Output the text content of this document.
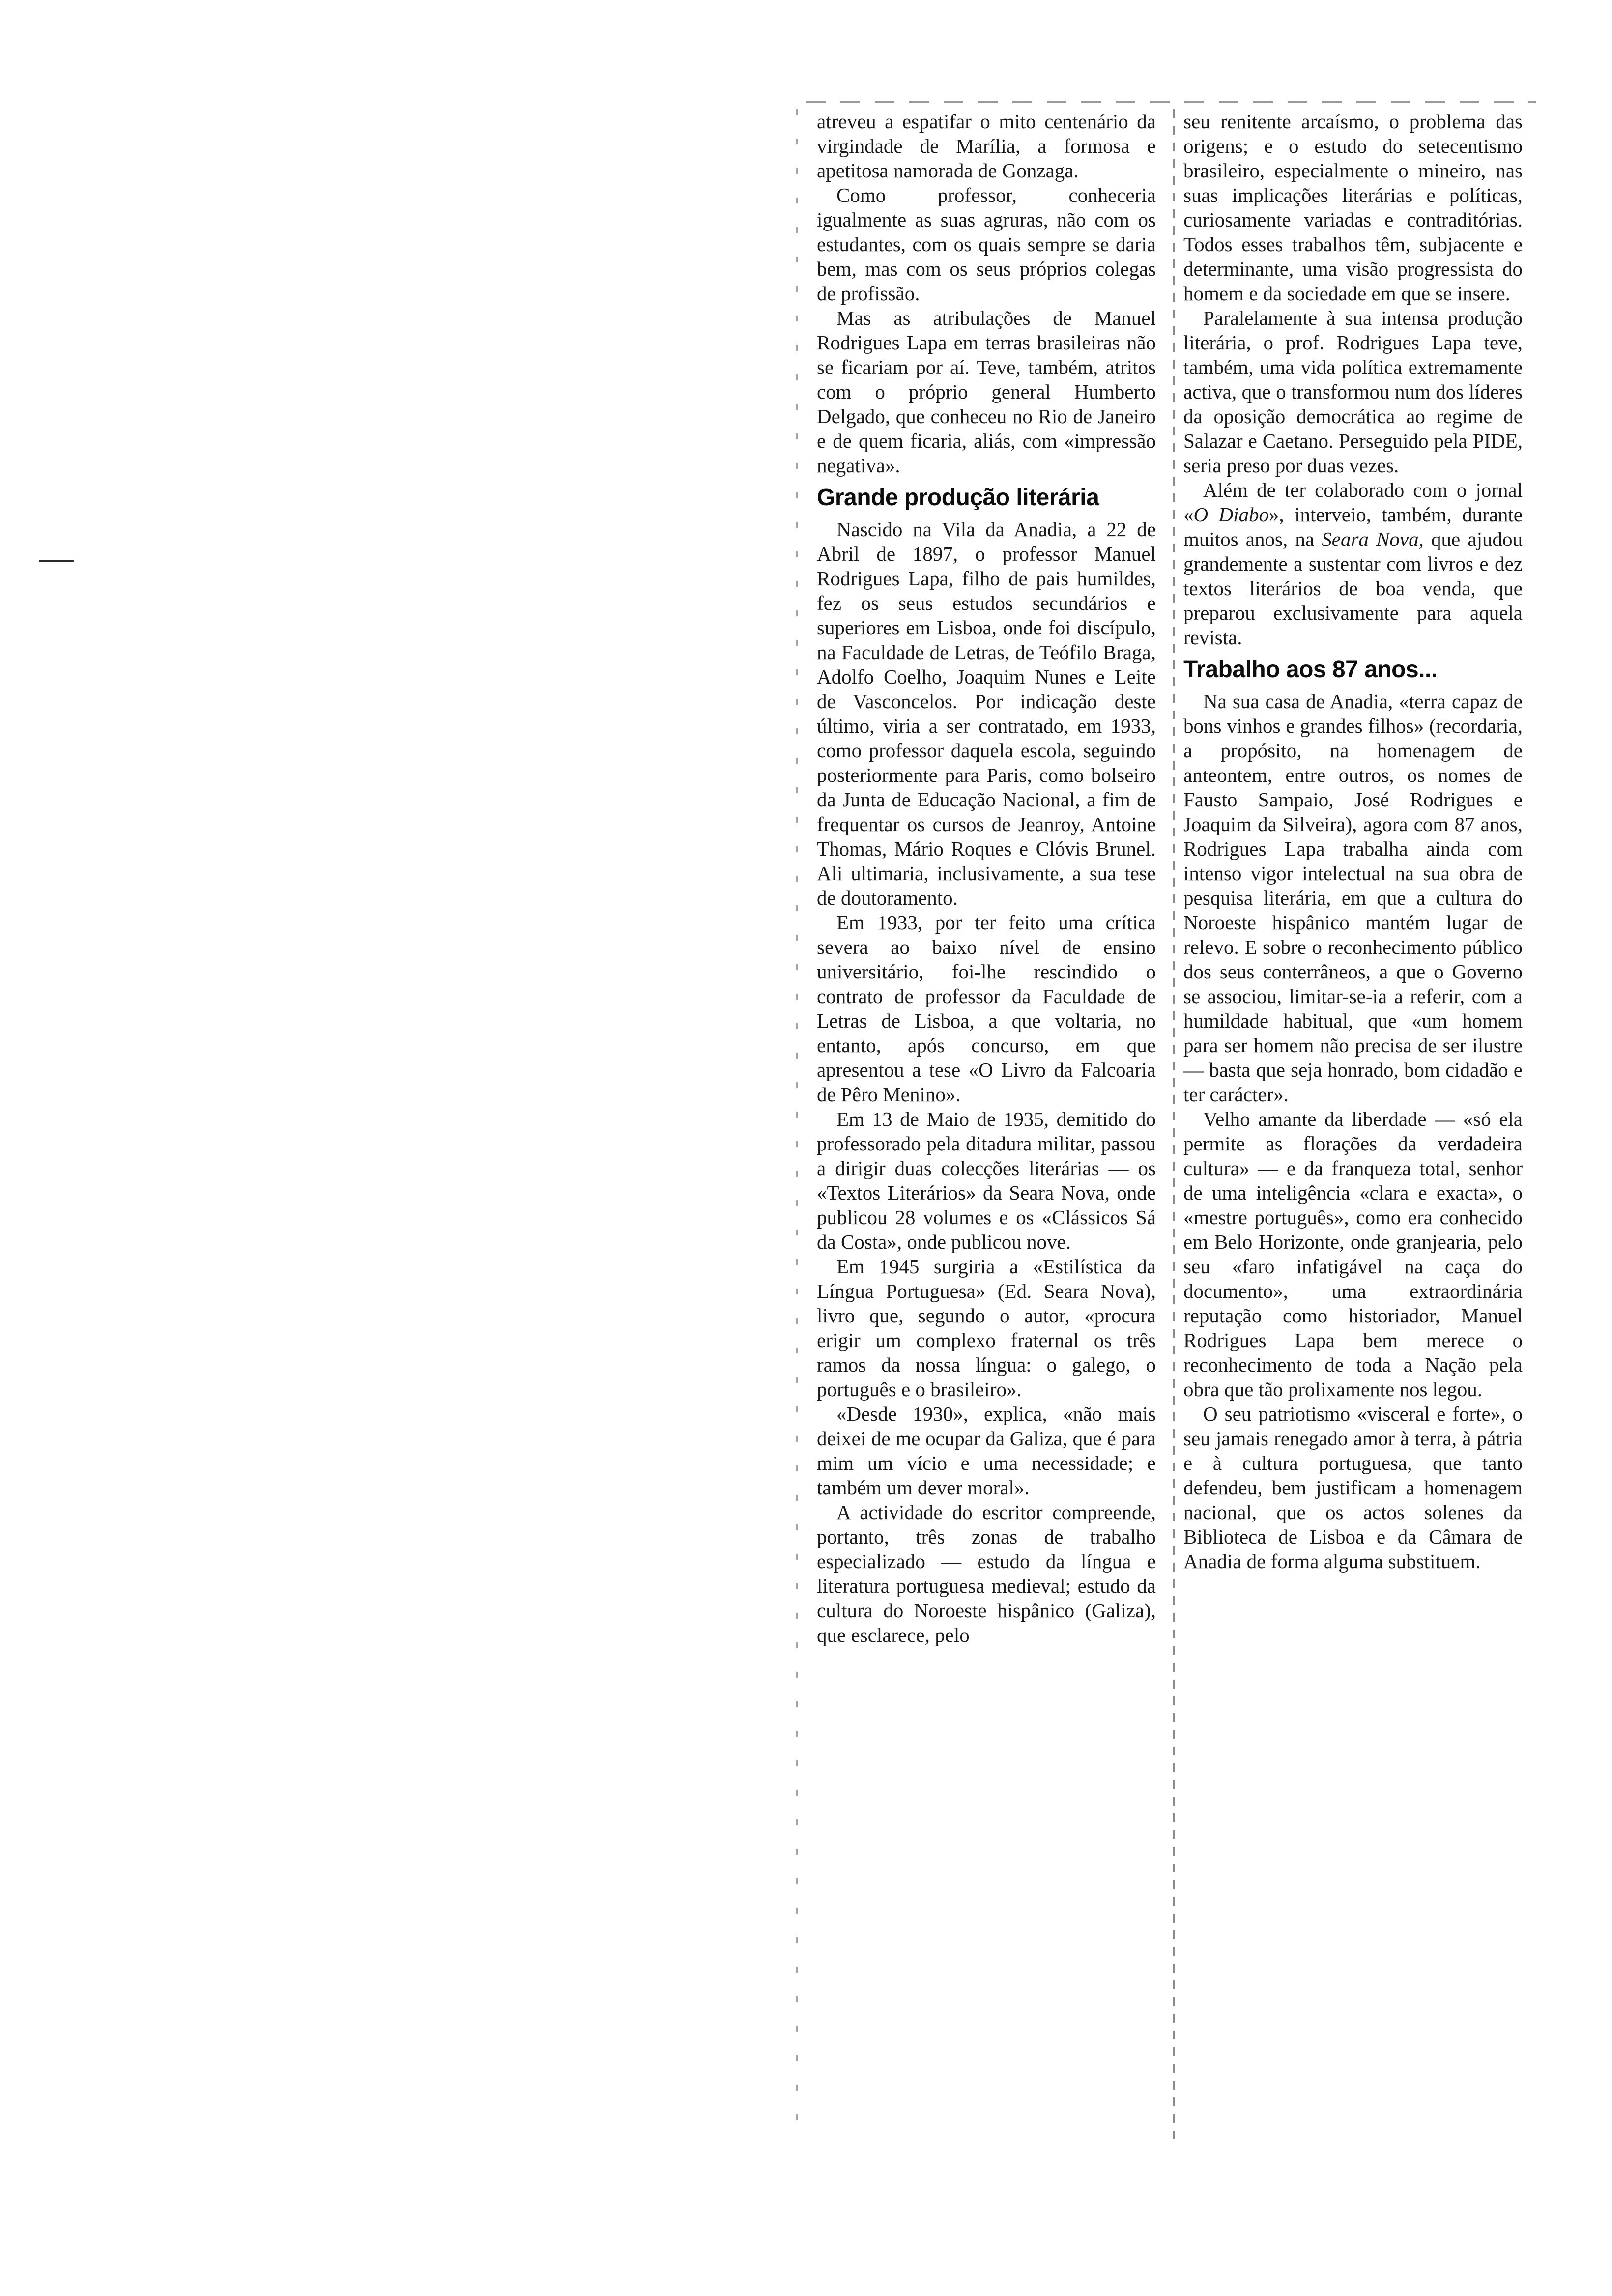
atreveu a espatifar o mito centenário da virgindade de Marília, a formosa e apetitosa namorada de Gonzaga.

Como professor, conheceria igualmente as suas agruras, não com os estudantes, com os quais sempre se daria bem, mas com os seus próprios colegas de profissão.

Mas as atribulações de Manuel Rodrigues Lapa em terras brasileiras não se ficariam por aí. Teve, também, atritos com o próprio general Humberto Delgado, que conheceu no Rio de Janeiro e de quem ficaria, aliás, com «impressão negativa».

Grande produção literária

Nascido na Vila da Anadia, a 22 de Abril de 1897, o professor Manuel Rodrigues Lapa, filho de pais humildes, fez os seus estudos secundários e superiores em Lisboa, onde foi discípulo, na Faculdade de Letras, de Teófilo Braga, Adolfo Coelho, Joaquim Nunes e Leite de Vasconcelos. Por indicação deste último, viria a ser contratado, em 1933, como professor daquela escola, seguindo posteriormente para Paris, como bolseiro da Junta de Educação Nacional, a fim de frequentar os cursos de Jeanroy, Antoine Thomas, Mário Roques e Clóvis Brunel. Ali ultimaria, inclusivamente, a sua tese de doutoramento.

Em 1933, por ter feito uma crítica severa ao baixo nível de ensino universitário, foi-lhe rescindido o contrato de professor da Faculdade de Letras de Lisboa, a que voltaria, no entanto, após concurso, em que apresentou a tese «O Livro da Falcoaria de Pêro Menino».

Em 13 de Maio de 1935, demitido do professorado pela ditadura militar, passou a dirigir duas colecções literárias — os «Textos Literários» da Seara Nova, onde publicou 28 volumes e os «Clássicos Sá da Costa», onde publicou nove.

Em 1945 surgiria a «Estilística da Língua Portuguesa» (Ed. Seara Nova), livro que, segundo o autor, «procura erigir um complexo fraternal os três ramos da nossa língua: o galego, o português e o brasileiro».

«Desde 1930», explica, «não mais deixei de me ocupar da Galiza, que é para mim um vício e uma necessidade; e também um dever moral».

A actividade do escritor compreende, portanto, três zonas de trabalho especializado — estudo da língua e literatura portuguesa medieval; estudo da cultura do Noroeste hispânico (Galiza), que esclarece, pelo

seu renitente arcaísmo, o problema das origens; e o estudo do setecentismo brasileiro, especialmente o mineiro, nas suas implicações literárias e políticas, curiosamente variadas e contraditórias. Todos esses trabalhos têm, subjacente e determinante, uma visão progressista do homem e da sociedade em que se insere.

Paralelamente à sua intensa produção literária, o prof. Rodrigues Lapa teve, também, uma vida política extremamente activa, que o transformou num dos líderes da oposição democrática ao regime de Salazar e Caetano. Perseguido pela PIDE, seria preso por duas vezes.

Além de ter colaborado com o jornal «O Diabo», interveio, também, durante muitos anos, na Seara Nova, que ajudou grandemente a sustentar com livros e dez textos literários de boa venda, que preparou exclusivamente para aquela revista.

Trabalho aos 87 anos...

Na sua casa de Anadia, «terra capaz de bons vinhos e grandes filhos» (recordaria, a propósito, na homenagem de anteontem, entre outros, os nomes de Fausto Sampaio, José Rodrigues e Joaquim da Silveira), agora com 87 anos, Rodrigues Lapa trabalha ainda com intenso vigor intelectual na sua obra de pesquisa literária, em que a cultura do Noroeste hispânico mantém lugar de relevo. E sobre o reconhecimento público dos seus conterrâneos, a que o Governo se associou, limitar-se-ia a referir, com a humildade habitual, que «um homem para ser homem não precisa de ser ilustre — basta que seja honrado, bom cidadão e ter carácter».

Velho amante da liberdade — «só ela permite as florações da verdadeira cultura» — e da franqueza total, senhor de uma inteligência «clara e exacta», o «mestre português», como era conhecido em Belo Horizonte, onde granjearia, pelo seu «faro infatigável na caça do documento», uma extraordinária reputação como historiador, Manuel Rodrigues Lapa bem merece o reconhecimento de toda a Nação pela obra que tão prolixamente nos legou.

O seu patriotismo «visceral e forte», o seu jamais renegado amor à terra, à pátria e à cultura portuguesa, que tanto defendeu, bem justificam a homenagem nacional, que os actos solenes da Biblioteca de Lisboa e da Câmara de Anadia de forma alguma substituem.
